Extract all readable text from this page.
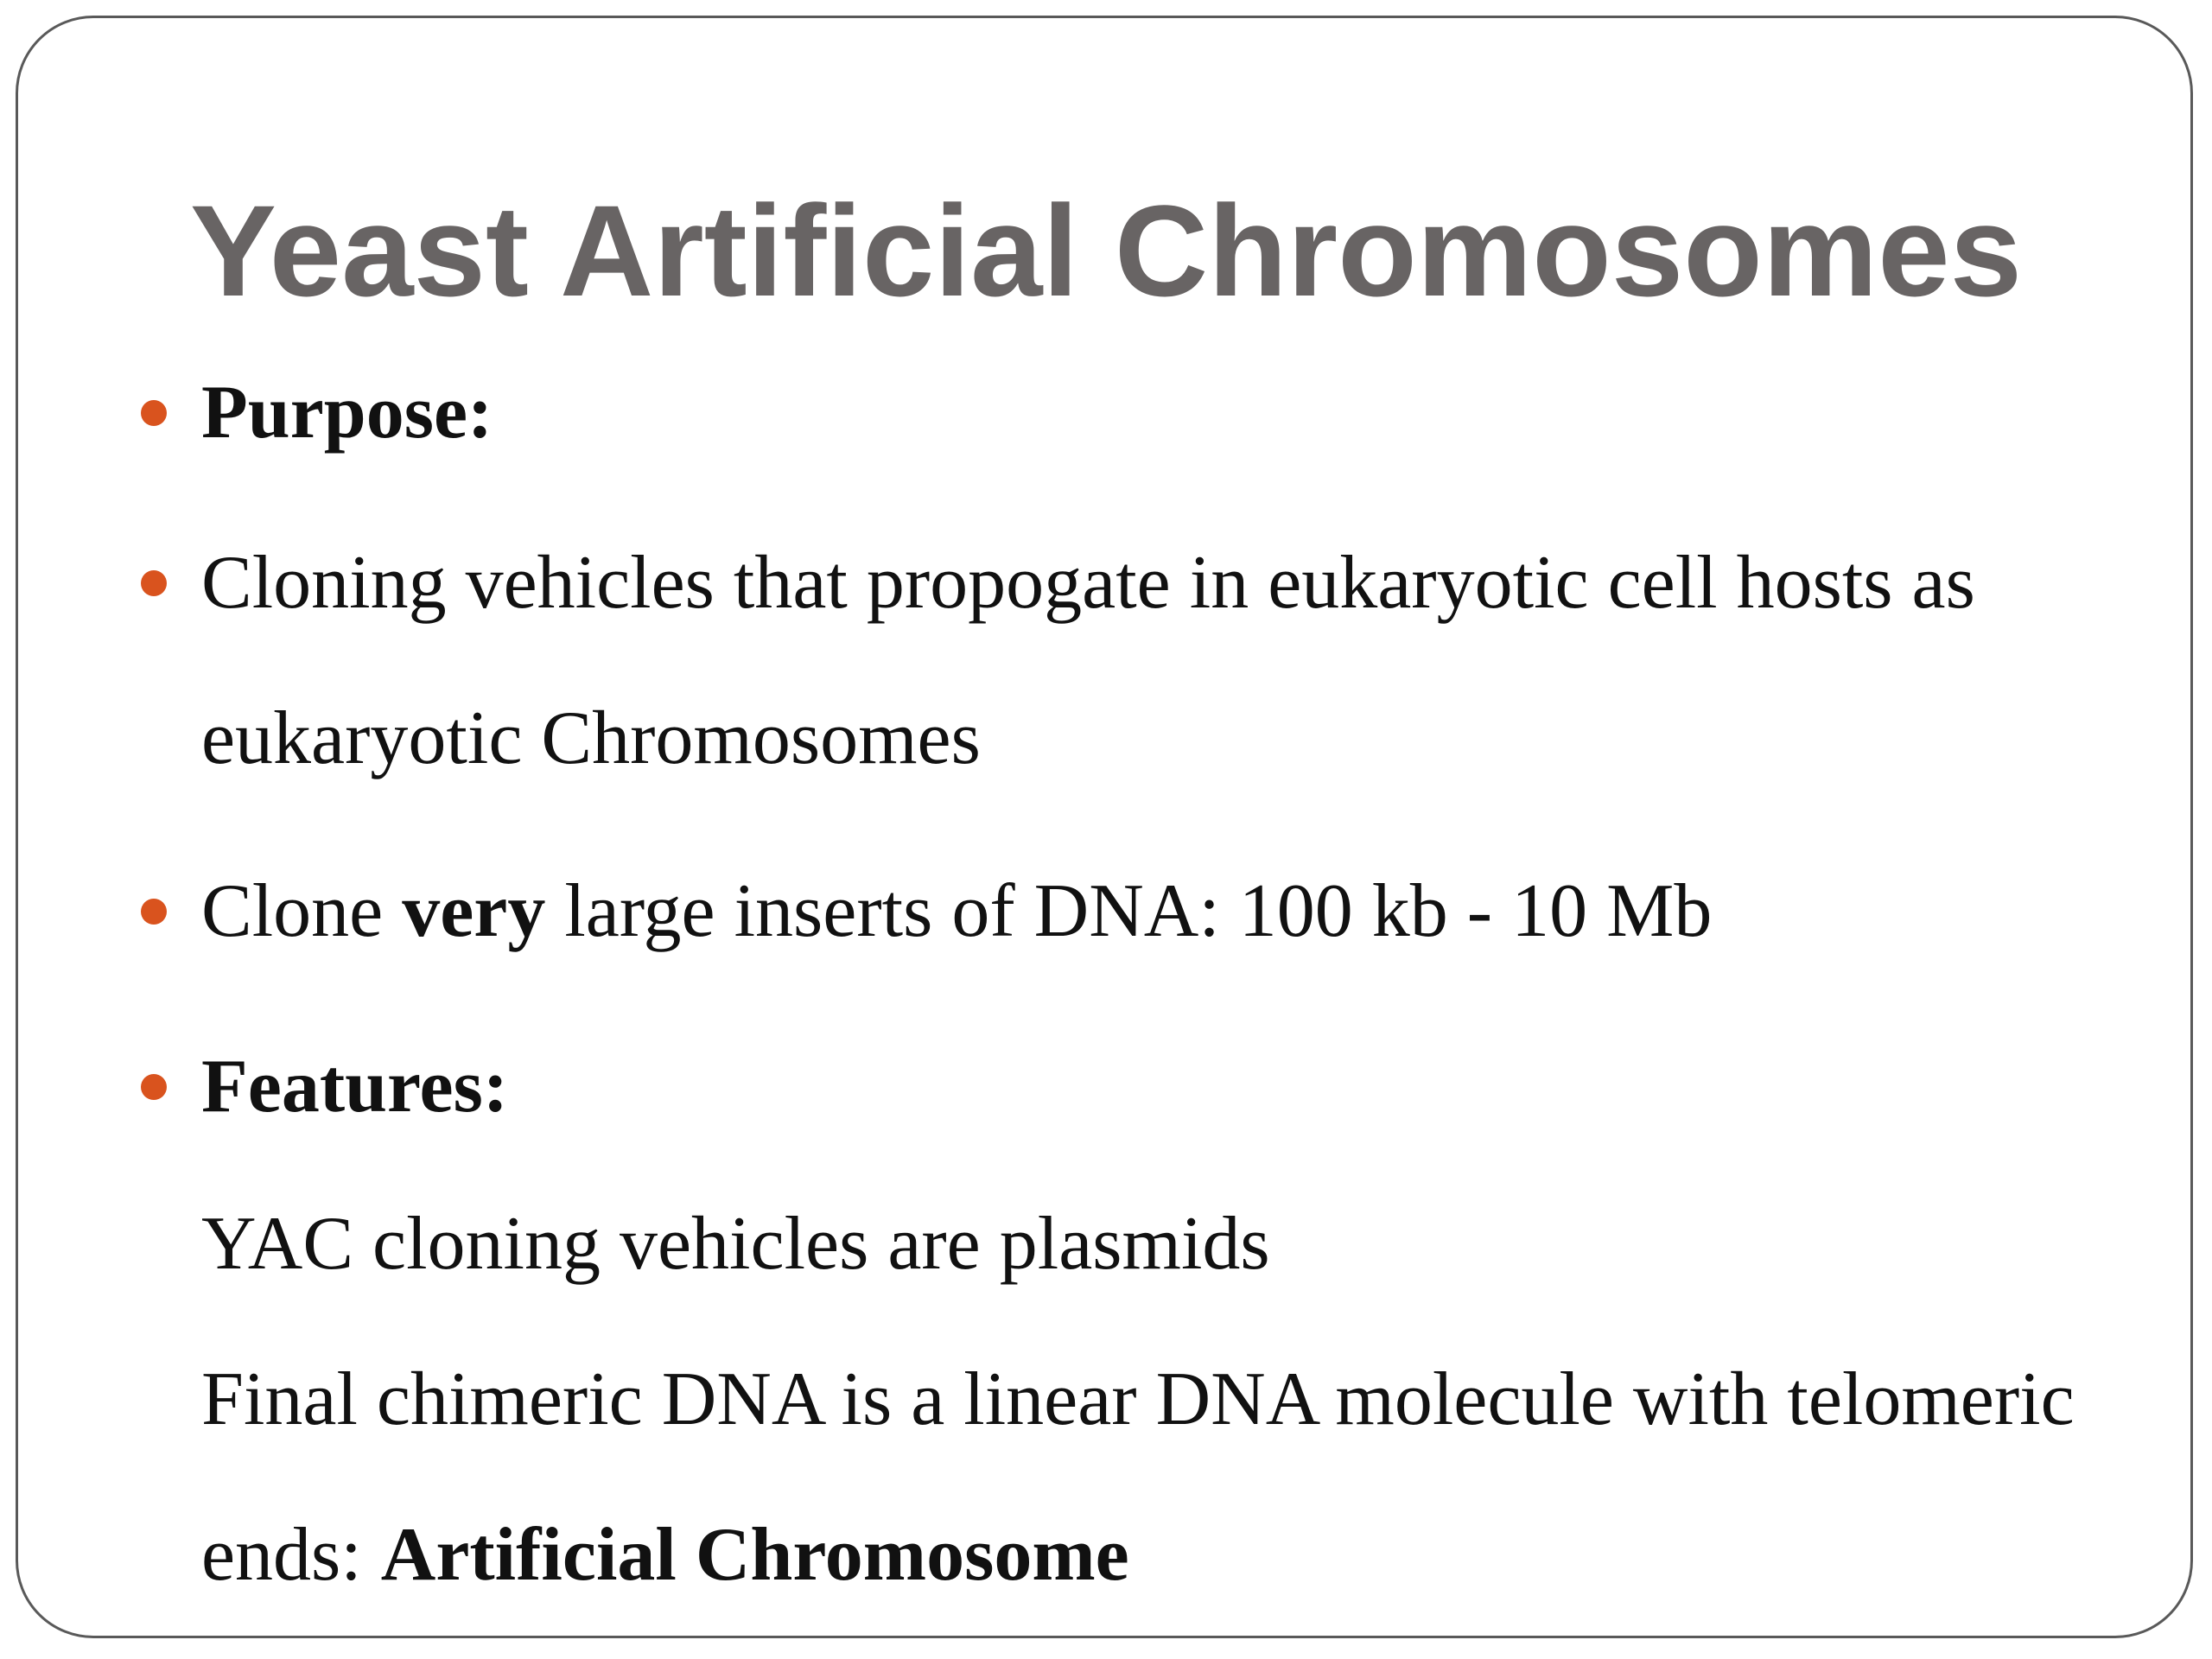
Yeast Artificial Chromosomes
Purpose:
Cloning vehicles that propogate in eukaryotic cell hosts as
eukaryotic Chromosomes
Clone very large inserts of DNA: 100 kb - 10 Mb
Features:
YAC cloning vehicles are plasmids
Final chimeric DNA is a linear DNA molecule with telomeric
ends: Artificial Chromosome
